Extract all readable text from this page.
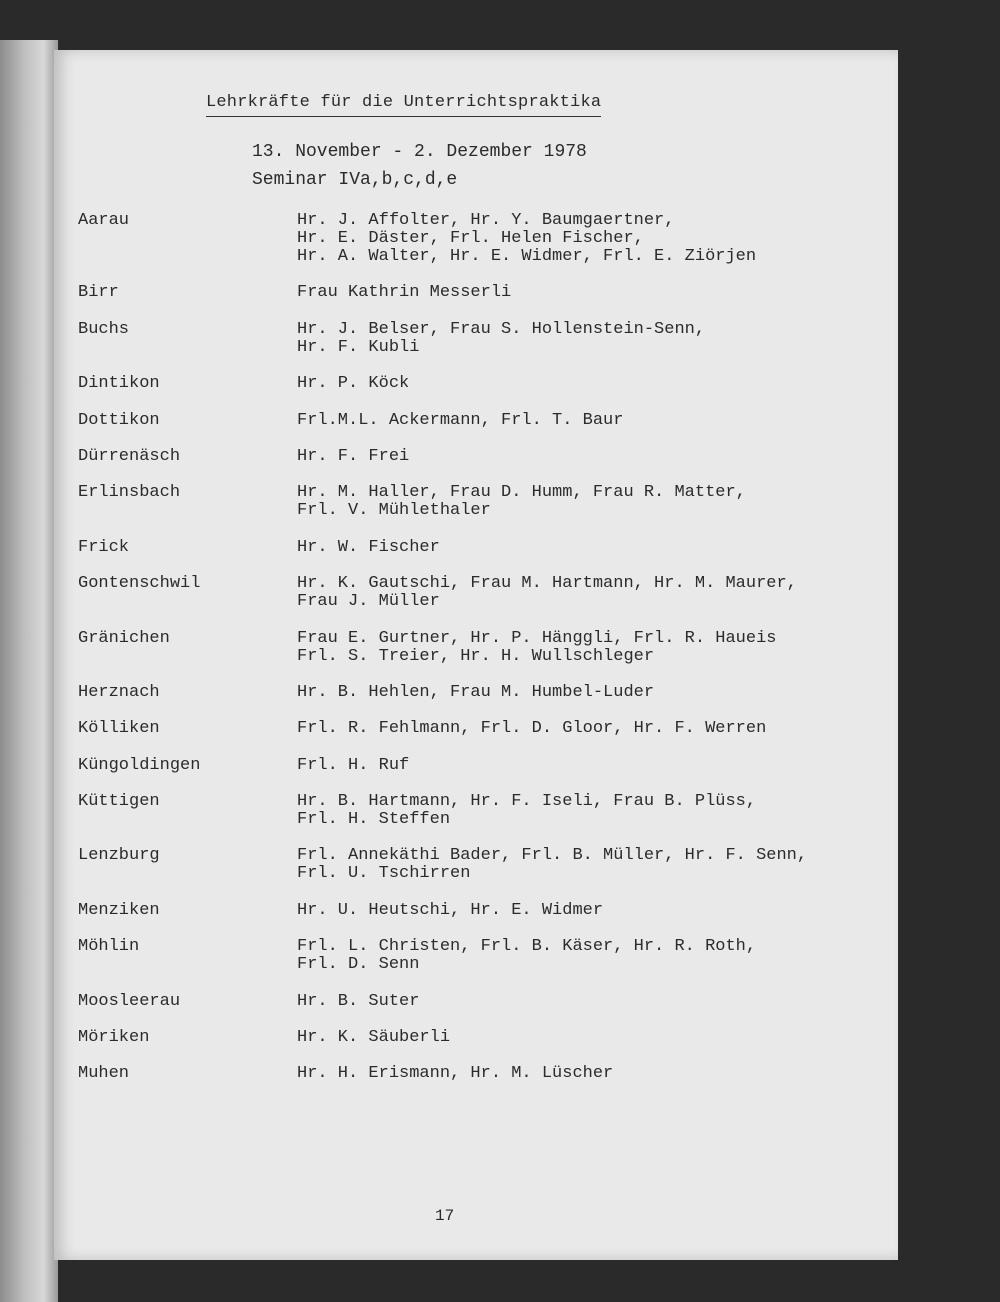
Lehrkräfte für die Unterrichtspraktika
13. November - 2. Dezember 1978
Seminar IVa,b,c,d,e
Aarau	Hr. J. Affolter, Hr. Y. Baumgaertner,
Hr. E. Däster, Frl. Helen Fischer,
Hr. A. Walter, Hr. E. Widmer, Frl. E. Ziörjen
Birr	Frau Kathrin Messerli
Buchs	Hr. J. Belser, Frau S. Hollenstein-Senn,
Hr. F. Kubli
Dintikon	Hr. P. Köck
Dottikon	Frl.M.L. Ackermann, Frl. T. Baur
Dürrenäsch	Hr. F. Frei
Erlinsbach	Hr. M. Haller, Frau D. Humm, Frau R. Matter,
Frl. V. Mühlethaler
Frick	Hr. W. Fischer
Gontenschwil	Hr. K. Gautschi, Frau M. Hartmann, Hr. M. Maurer,
Frau J. Müller
Gränichen	Frau E. Gurtner, Hr. P. Hänggli, Frl. R. Haueis
Frl. S. Treier, Hr. H. Wullschleger
Herznach	Hr. B. Hehlen, Frau M. Humbel-Luder
Kölliken	Frl. R. Fehlmann, Frl. D. Gloor, Hr. F. Werren
Küngoldingen	Frl. H. Ruf
Küttigen	Hr. B. Hartmann, Hr. F. Iseli, Frau B. Plüss,
Frl. H. Steffen
Lenzburg	Frl. Annekäthi Bader, Frl. B. Müller, Hr. F. Senn,
Frl. U. Tschirren
Menziken	Hr. U. Heutschi, Hr. E. Widmer
Möhlin	Frl. L. Christen, Frl. B. Käser, Hr. R. Roth,
Frl. D. Senn
Moosleerau	Hr. B. Suter
Möriken	Hr. K. Säuberli
Muhen	Hr. H. Erismann, Hr. M. Lüscher
17
